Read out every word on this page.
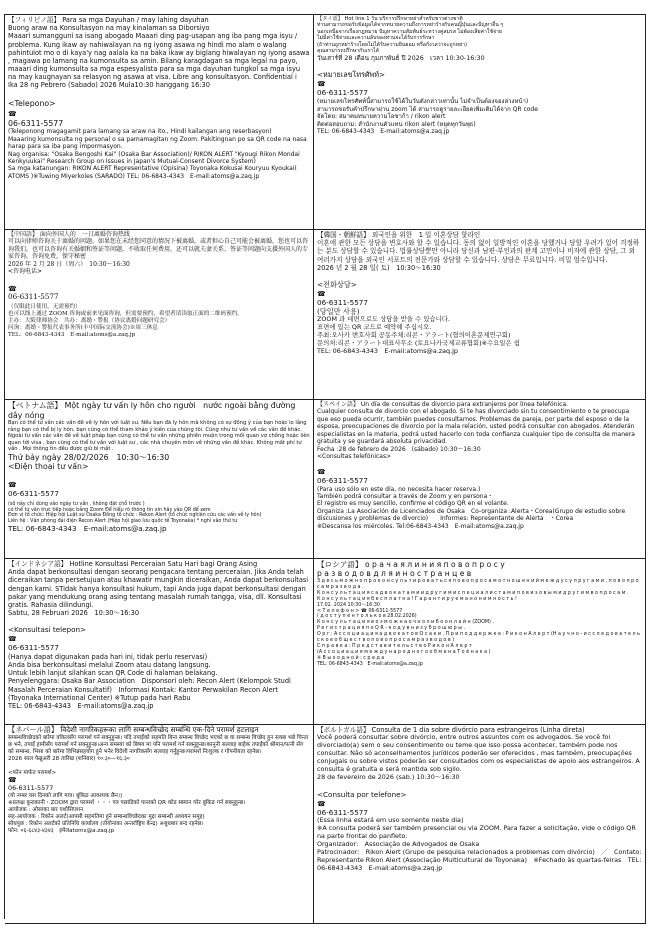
【フィリピノ語】 Para sa mga Dayuhan / may lahing dayuhan
Buong araw na Konsultasyon na may kinalaman sa Diborsiyo
Maaari sumangguni sa isang abogado Maaari ding pag-usapan ang iba pang mga isyu / problema. Kung ikaw ay nahiwalayan na ng iyong asawa ng hindi mo alam o walang pahintulot mo o di kaya'y nag aalala ka na baka ikaw ay biglang hiwalayan ng iyong asawa , magawa po lamang na kumonsulta sa amin. Bilang karagdagan sa mga legal na payo, maaari ding kumonsulta sa mga espesyalista para sa mga dayuhan tungkol sa mga isyu na may kaugnayan sa relasyon ng asawa at visa. Libre ang konsultasyon. Confidential i

Ika 28 ng Pebrero (Sabado) 2026 Mula10:30 hanggang 16:30

<Telepono>
☎
06-6311-5577

(Teleponong magagamit para lamang sa araw na ito., Hindi kailangan ang reserbasyon)
Maaaring kumonsulta ng personal o sa pamamagitan ng Zoom. Pakitingnan po sa QR code na nasa harap para sa iba pang impormasyon.
Nag organisa: "Osaka Bengoshi Kai" (Osaka Bar Association)/ RIKON ALERT "Kyougi Rikon Mondai Kenkyuukai" Research Group on Issues in Japan's Mutual-Consent Divorce System)
Sa mga katanungan: RIKON ALERT Representative (Opisina) Toyonaka Kokusai Kouryuu Kyoukai( ATOMS )※Tuwing Miyerkoles (SARADO) TEL: 06-6843-4343　E-mail:atoms@a.zaq.jp

【タイ語】 Hot line 1 วัน บริการปรึกษาหย่าสำหรับชาวต่างชาติ
ท่านสามารถขอรับข้อมูลได้จากทนายความถึงการหย่าร้างกับคนญี่ปุ่นและปัญหาอื่น ๆ
นอกเหนือจากเรื่องกฎหมาย ปัญหาความสัมพันธ์ระหว่างคู่สมรส ไม่ต้องเสียค่าใช้จ่าย
ไม่มีค่าใช้จ่ายและความลับของท่านจะได้รับการรักษา

(ถ้าท่านถูกหย่าร้างโดยไม่ได้รับความยินยอม หรือกังวลว่าจะถูกหย่า)
คุณสามารถปรึกษากับเราได้

วันเสาร์ที่ 28 เดือน กุมภาพันธ์ ปี 2026　เวลา 10:30-16:30

<หมายเลขโทรศัพท์>
☎
06-6311-5577

(หมายเลขโทรศัพท์นี้สามารถใช้ได้ในวันดังกล่าวเท่านั้น ไม่จำเป็นต้องจองล่วงหน้า)
สามารถขอรับคำปรึกษาผ่าน zoom ได้ สามารถดูรายละเอียดเพิ่มเติมได้จาก QR code
จัดโดย: สมาคมทนายความโอซาก้า / rikon alert
ติดต่อสอบถาม: สำนักงานตัวแทน rikon alert (หยุดทุกวันพุธ)
TEL: 06-6843-4343　E-mail:atoms@a.zaq.jp

【中国語】 面向外国人的　一日离婚咨询热线
可以向律师咨询关于离婚的问题。如果您在未经您同意的情况下被离婚，或者担心自己可能会被离婚，您也可以咨询我们。也可以咨询有关婚姻和签证等问题。不收取任何费用，还可以就夫妻关系、签证等问题向支援外国人的专家咨询。咨询免费，保守秘密
2026 年 2 月 28 日（周六）　10:30～16:30
<咨询电话>

☎
06-6311-5577
（仅限此日使用，无需预约）

也可以线上通过 ZOOM 咨询或前来见面咨询，但需要预约，希望者请读取正面的二维码预约。
主办：大阪律师协会　共办：离婚・警报（协议离婚问题研究会）
问询：离婚・警报代表事务所(丰中国际交流协会)※周三休息
TEL：06-6843-4343　E-mail:atoms@a.zaq.jp

【韓国・朝鮮語】 외국인을 위한　1 일 이혼상담 핫라인
이혼에 관한 모든 상담을 변호사와 할 수 있습니다. 동의 없이 일방적인 이혼을 당했거나 당할 우려가 있어 걱정하는 분도 상담할 수 있습니다. 법률상담뿐만 아니라 당신과 남편·부인과의 관계 고민이나 비자에 관한 상담, 그 외 여러가지 상담을 외국인 서포트의 전문가와 상담할 수 있습니다. 상담은 무료입니다. 비밀 엄수입니다.
2026 년 2 월 28 일( 토)　10:30～16:30

<전화상담>
☎
06-6311-5577
(당일만 사용)

ZOOM 과 대면으로도 상담을 받을 수 있습니다.
표면에 있는 QR 코드로 예약해 주십시오.
주최:오사카 변호사회 공동주체:리콘・アラート(협의이혼문제연구회)
문의처:리콘・アラート대표사무소 (토요나카국제교류협회)※수요일은 쉼
TEL: 06-6843-4343　E-mail:atoms@a.zaq.jp

【ベトナム語】 Một ngày tư vấn ly hôn cho người　nước ngoài bằng đường dây nóng

Bạn có thể tư vấn các vấn đề về ly hôn với luật sư. Nếu bạn đã ly hôn mà không có sự đồng ý của bạn hoặc lo lắng rằng bạn có thể bị ly hôn, bạn cũng có thể tham khảo ý kiến của chúng tôi. Cũng như tư vấn về các vấn đề khác. Ngoài tư vấn các vấn đề về luật pháp bạn cũng có thể tư vấn những phiền muộn trong mối quan vợ chồng hoặc liên quan tới visa , bạn cũng có thể tư vấn với luật sư , các nhà chuyên môn về những vấn đề khác. Không mất phí tư vấn . Mọi thông tin đều được giữ bí mật .

Thứ bảy ngày 28/02/2026　10:30～16:30

<Điện thoại tư vấn>

☎
06-6311-5577
(số này chỉ dùng vào ngày tư vấn , không đặt chỗ trước )

có thể tư vấn trực tiếp hoặc bằng Zoom Để hiểu rõ thông tin xin hãy vào QR để xem
Đơn vị tổ chức: Hiệp hội Luật sư Osaka Đồng tổ chức : Rekon Alert (tổ chức nghiên cứu các vấn về ly hôn)
Liên hệ : Văn phòng đại diện Recon Alert (Hiệp hội giao lưu quốc tế Toyonaka) * nghỉ vào thứ tư

TEL: 06-6843-4343　E-mail:atoms@a.zaq.jp

【スペイン語】 Un día de consultas de divorcio para extranjeros por línea telefónica.
Cualquier consulta de divorcio con el abogado. Si te has divorciado sin tu consentimiento o te preocupa que eso pueda ocurrir, también puedes consultarnos. Problemas de pareja, por parte del esposo o de la esposa, preocupaciones de divorcio por la mala relación, usted podrá consultar con abogados. Atenderán especialistas en la materia, podrá usted hacerlo con toda confianza cualquier tipo de consulta de manera gratuita y se guardará absoluta privacidad.
Fecha :28 de febrero de 2026　(sábado) 10:30～16:30
<Consultas telefónicas>

☎
06-6311-5577
(Para uso sólo en este día, no necesita hacer reserva.)

También podrá consultar a través de Zoom y en persona・
El registro es muy sencillo, confirme el código QR en el volante.
Organiza :La Asociación de Licenciados de Osaka　Co-organiza :Alerta・Corea(Grupo de estudio sobre discusiones y problemas de divorcio)　　Informes: Representante de Alerta　・Corea
※Descansa los miércoles. Tel:06-6843-4343　E-mail:atoms@a.zaq.jp

【インドネシア語】 Hotline Konsultasi Perceraian Satu Hari bagi Orang Asing
Anda dapat berkonsultasi dengan seorang pengacara tentang perceraian. Jika Anda telah diceraikan tanpa persetujuan atau khawatir mungkin diceraikan, Anda dapat berkonsultasi dengan kami. STidak hanya konsultasi hukum, tapi Anda juga dapat berkonsultasi dengan pakar yang mendukung orang asing tentang masalah rumah tangga, visa, dll. Konsultasi gratis. Rahasia dilindungi.
Sabtu, 28 Februari 2026　10:30～16:30

<Konsultasi telepon>
☎
06-6311-5577

(Hanya dapat digunakan pada hari ini, tidak perlu reservasi)
Anda bisa berkonsultasi melalui Zoom atau datang langsung.
Untuk lebih lanjut silahkan scan QR Code di halaman belakang.
Penyelenggara: Osaka Bar Association　Disponsori oleh: Recon Alert (Kelompok Studi Masalah Perceraian Konsultatif)　Informasi Kontak: Kantor Perwakilan Recon Alert (Toyonaka International Center) ※Tutup pada hari Rabu
TEL: 06-6843-4343　E-mail:atoms@a.zaq.jp

【ロシア語】 о р а ч а я л и н и я п о в о п р о с у
р а з в о д о в д л я и н о с т р а н ц е в

З д е с ь м о ж н о п р о к о н с у л ь т и р о в а т ь с я п о в о п р о с а м о т н о ш е н и й м е ж д у с у п р у г а м и , п о в о п р о с а м р а з в о д а .
К о н с у л ь т а ц и я с а д в о к а т а м и и д р у г и м и с п е ц и а л и с т а м и п о в и з о в ы м и д р у г и м в о п р о с а м .
К о н с у л ь т а ц и я б е с п л а т н а ! Г а р а н т и р у е м а н о н и м н о с т ь !
17.02. 2024 10:30～16:30
< Т е л е ф о н > ☎ 06-6311-5577
( д о с т у п е н т о л ь к о в 28.02.2026)
К о н с у л ь т а ц и я в о з м о ж н а о ч н о л и б о о н л а й н (ZOOM) .
Р е г и с т р а ц и я п о Q R - к о д у в н и з у б р о ш ю р ы .
О р г : А с с о ц и а ц и я а д в о к а т о в О с а к и . П р и п о д д е р ж к е : Р и к о н А л е р т (Н а у ч н о - и с с л е д о в а т е л ь с к о е о б щ е с т в о п о в о п р о с а м р а з в о д о в )
С п р а в к а : П р е д с т а в и т е л ь с т в о Р и к о н А л е р т
(А с с о ц и а ц и я м е ж д у н а р о д н о г о о б м е н а Т о ё н а к а )
※ В ы х о д н о й : с р е д а
TEL: 06-6843-4343　E-mail:atoms@a.zaq.jp

【ネパール語】 विदेशी नागरिकहरूका लागि सम्बन्धविच्छेद सम्बन्धि एक-दिने परामर्श हटलाइन

सम्बन्धविच्छेदको बारेमा वकिलसँग परामर्श गर्न सक्नुहुन्छ। यदि तपाईंको सहमति बिना सम्बन्ध विच्छेद भएको छ वा सम्बन्ध विच्छेद हुन सक्छ भन्ने चिन्ता छ भने, तपाईं हामीसँग परामर्श गर्न सक्नुहुन्छ।अन्य समस्या को बिषय मा पनि परामर्श गर्न सक्नुहुन्छ।कानुनी सल्लाह बाहेक तपाईंको श्रीमान/पत्नी सँग को सम्बन्ध, भिसा को बारेमा विभिन्नसहयोग हुने भनेर विदेशी नागरिकसँग सल्लाह गर्नुहुन्छ।परामर्श निःशुल्क र गोपनीयता रहनेछ।

2026 साल फेब्रुअरी 28 तारिख (शनिबार) १०:३०—१६:३०

<फोन मार्फत परामर्श>
☎
06-6311-5577
(यो नम्बर यस दिनको लागि मात्र। बुकिङ आवश्यक छैन।)

※प्रत्यक्ष कुराकानी・ZOOM द्वारा परामर्श ・・・पत्र पछाडिको पानाको QR कोड स्क्यान गरेर बुकिङ गर्न सक्नुहुन्छ।
आयोजक : ओसाका बार एशोसिएशन
सह-आयोजक : रिकोन अलर्ट(आपसी सहमतिमा हुने सम्बन्धविच्छेदका मुद्दा सम्बन्धी अध्ययन समूह)
सोधपुछ : रिकोन अलर्टको प्रतिनिधि कार्यालय (तोयोनाका अन्तर्राष्ट्रिय केन्द्र) ※बुधबार बन्द रहनेछ।
फोन: ०६-६८४३-४३४३　इमेलatoms@a.zaq.jp

【ポルトガル語】 Consulta de 1 dia sobre divórcio para estrangeiros (Linha direta)

Você poderá consultar sobre divórcio, entre outros assuntos com os advogados. Se você foi divorciado(a) sem o seu consentimento ou teme que isso possa acontecer, também pode nos consultar. Não só aconselhamentos jurídicos poderão ser oferecidos , mas também, preocupações conjugais ou sobre vistos poderão ser consultados com os especialistas de apoio aos estrangeiros. A consulta é gratuita e será mantida sob sigilo.
28 de fevereiro de 2026 (sab.) 10:30～16:30

<Consulta por telefone>
☎
06-6311-5577

(Essa linha estará em uso somente neste dia)
※A consulta poderá ser também presencial ou via ZOOM. Para fazer a solicitação, vide o código QR na parte frontal do panfleto.
Organizador:　Associação de Advogados de Osaka
Patrocinador:　Rikon Alert (Grupo de pesquisa relacionados a problemas com divórcio)　／　Contato:　Representante Rikon Alert (Associação Multicultural de Toyonaka)　※Fechado às quartas-feiras　TEL: 06-6843-4343　E-mail:atoms@a.zaq.jp
